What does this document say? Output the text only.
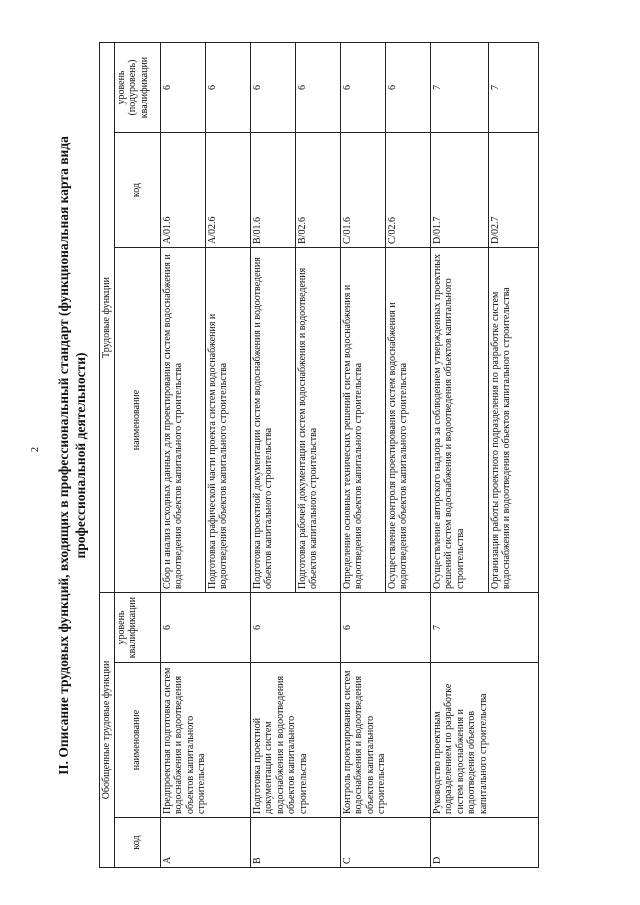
2 II. Описание трудовых функций, входящих в профессиональный стандарт (функциональная карта вида профессиональной деятельности)
Обобщенные трудовые функции			Трудовые функции		
код	наименование	уровень квалификации	наименование	код	уровень (подуровень) квалификации
A	Предпроектная подготовка систем водоснабжения и водоотведения объектов капитального строительства	6	Сбор и анализ исходных данных для проектирования систем водоснабжения и водоотведения объектов капитального строительства	A/01.6	6
			Подготовка графической части проекта систем водоснабжения и водоотведения объектов капитального строительства	A/02.6	6
B	Подготовка проектной документации систем водоснабжения и водоотведения объектов капитального строительства	6	Подготовка проектной документации систем водоснабжения и водоотведения объектов капитального строительства	B/01.6	6
			Подготовка рабочей документации систем водоснабжения и водоотведения объектов капитального строительства	B/02.6	6
C	Контроль проектирования систем водоснабжения и водоотведения объектов капитального строительства	6	Определение основных технических решений систем водоснабжения и водоотведения объектов капитального строительства	C/01.6	6
			Осуществление контроля проектирования систем водоснабжения и водоотведения объектов капитального строительства	C/02.6	6
D	Руководство проектным подразделением по разработке систем водоснабжения и водоотведения объектов капитального строительства	7	Осуществление авторского надзора за соблюдением утвержденных проектных решений систем водоснабжения и водоотведения объектов капитального строительства	D/01.7	7
			Организация работы проектного подразделения по разработке систем водоснабжения и водоотведения объектов капитального строительства	D/02.7	7
